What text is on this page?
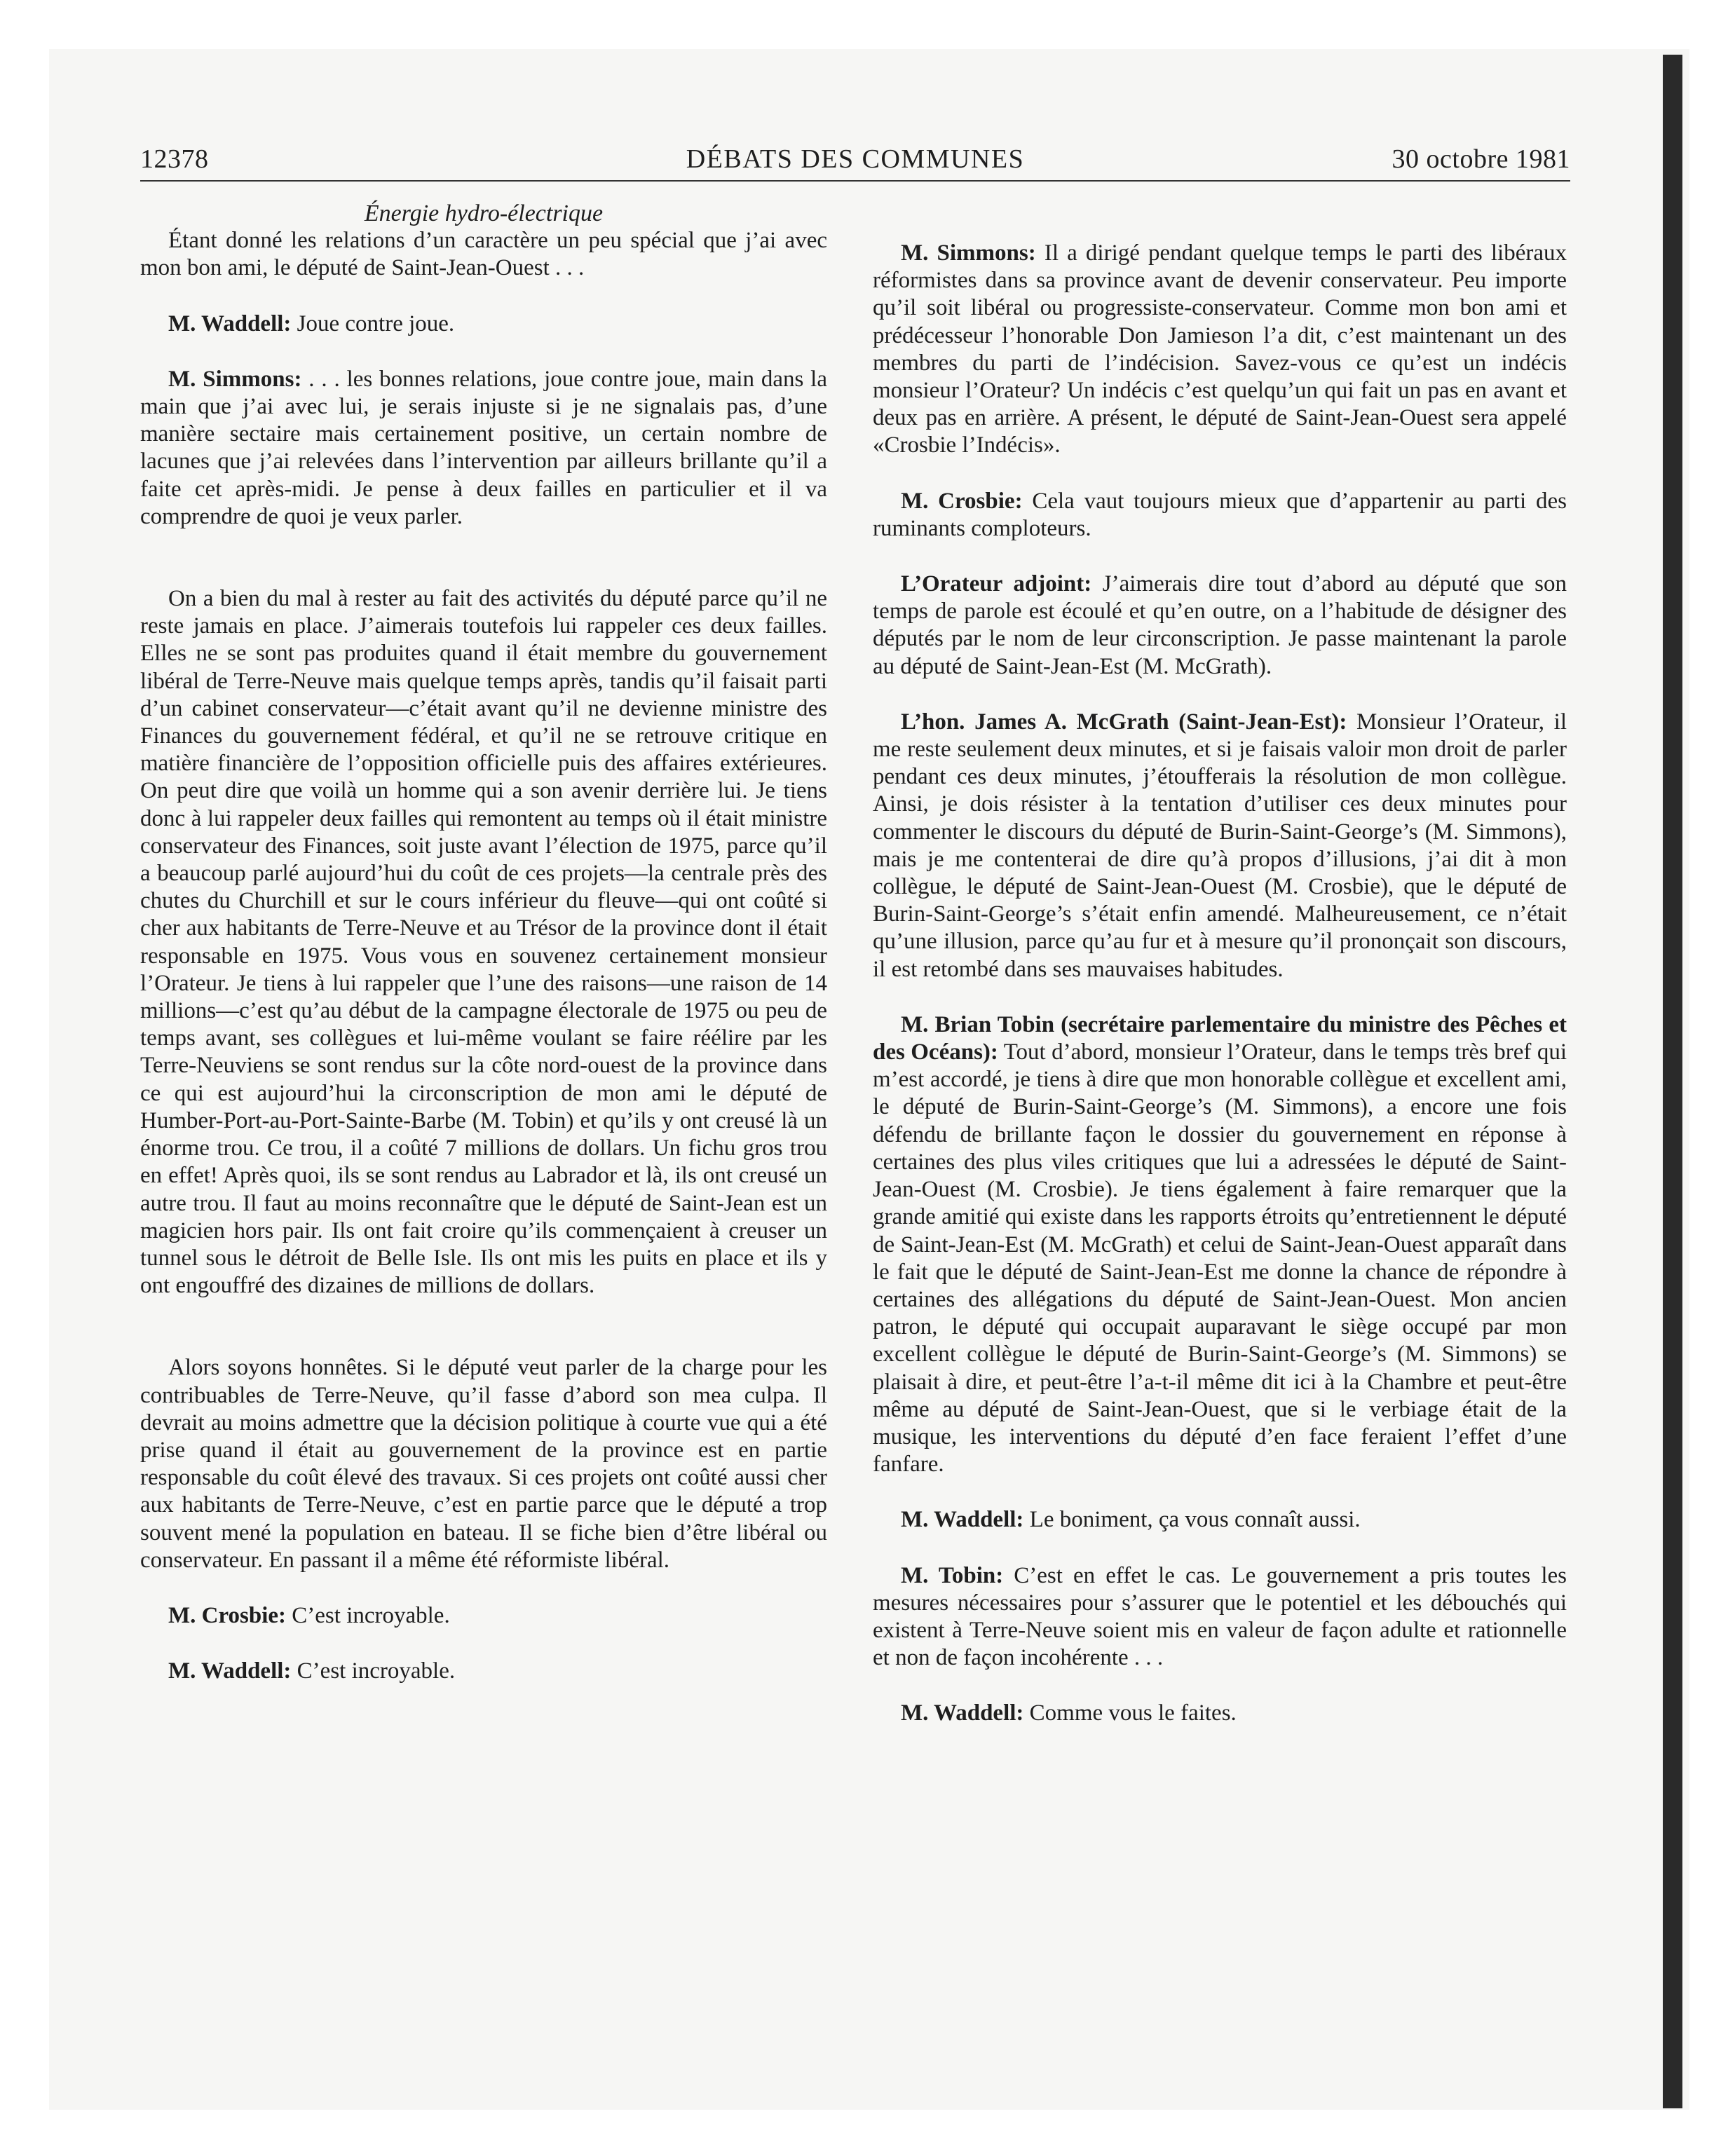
12378	DÉBATS DES COMMUNES	30 octobre 1981

Énergie hydro-électrique

Étant donné les relations d’un caractère un peu spécial que j’ai avec mon bon ami, le député de Saint-Jean-Ouest . . .

M. Waddell: Joue contre joue.

M. Simmons: . . . les bonnes relations, joue contre joue, main dans la main que j’ai avec lui, je serais injuste si je ne signalais pas, d’une manière sectaire mais certainement positive, un certain nombre de lacunes que j’ai relevées dans l’intervention par ailleurs brillante qu’il a faite cet après-midi. Je pense à deux failles en particulier et il va comprendre de quoi je veux parler.

On a bien du mal à rester au fait des activités du député parce qu’il ne reste jamais en place. J’aimerais toutefois lui rappeler ces deux failles. Elles ne se sont pas produites quand il était membre du gouvernement libéral de Terre-Neuve mais quelque temps après, tandis qu’il faisait parti d’un cabinet conservateur—c’était avant qu’il ne devienne ministre des Finances du gouvernement fédéral, et qu’il ne se retrouve critique en matière financière de l’opposition officielle puis des affaires extérieures. On peut dire que voilà un homme qui a son avenir derrière lui. Je tiens donc à lui rappeler deux failles qui remontent au temps où il était ministre conservateur des Finances, soit juste avant l’élection de 1975, parce qu’il a beaucoup parlé aujourd’hui du coût de ces projets—la centrale près des chutes du Churchill et sur le cours inférieur du fleuve—qui ont coûté si cher aux habitants de Terre-Neuve et au Trésor de la province dont il était responsable en 1975. Vous vous en souvenez certainement monsieur l’Orateur. Je tiens à lui rappeler que l’une des raisons—une raison de 14 millions—c’est qu’au début de la campagne électorale de 1975 ou peu de temps avant, ses collègues et lui-même voulant se faire réélire par les Terre-Neuviens se sont rendus sur la côte nord-ouest de la province dans ce qui est aujourd’hui la circonscription de mon ami le député de Humber-Port-au-Port-Sainte-Barbe (M. Tobin) et qu’ils y ont creusé là un énorme trou. Ce trou, il a coûté 7 millions de dollars. Un fichu gros trou en effet! Après quoi, ils se sont rendus au Labrador et là, ils ont creusé un autre trou. Il faut au moins reconnaître que le député de Saint-Jean est un magicien hors pair. Ils ont fait croire qu’ils commençaient à creuser un tunnel sous le détroit de Belle Isle. Ils ont mis les puits en place et ils y ont engouffré des dizaines de millions de dollars.

Alors soyons honnêtes. Si le député veut parler de la charge pour les contribuables de Terre-Neuve, qu’il fasse d’abord son mea culpa. Il devrait au moins admettre que la décision politique à courte vue qui a été prise quand il était au gouvernement de la province est en partie responsable du coût élevé des travaux. Si ces projets ont coûté aussi cher aux habitants de Terre-Neuve, c’est en partie parce que le député a trop souvent mené la population en bateau. Il se fiche bien d’être libéral ou conservateur. En passant il a même été réformiste libéral.

M. Crosbie: C’est incroyable.

M. Waddell: C’est incroyable.

M. Simmons: Il a dirigé pendant quelque temps le parti des libéraux réformistes dans sa province avant de devenir conservateur. Peu importe qu’il soit libéral ou progressiste-conservateur. Comme mon bon ami et prédécesseur l’honorable Don Jamieson l’a dit, c’est maintenant un des membres du parti de l’indécision. Savez-vous ce qu’est un indécis monsieur l’Orateur? Un indécis c’est quelqu’un qui fait un pas en avant et deux pas en arrière. A présent, le député de Saint-Jean-Ouest sera appelé «Crosbie l’Indécis».

M. Crosbie: Cela vaut toujours mieux que d’appartenir au parti des ruminants comploteurs.

L’Orateur adjoint: J’aimerais dire tout d’abord au député que son temps de parole est écoulé et qu’en outre, on a l’habitude de désigner des députés par le nom de leur circonscription. Je passe maintenant la parole au député de Saint-Jean-Est (M. McGrath).

L’hon. James A. McGrath (Saint-Jean-Est): Monsieur l’Orateur, il me reste seulement deux minutes, et si je faisais valoir mon droit de parler pendant ces deux minutes, j’étoufferais la résolution de mon collègue. Ainsi, je dois résister à la tentation d’utiliser ces deux minutes pour commenter le discours du député de Burin-Saint-George’s (M. Simmons), mais je me contenterai de dire qu’à propos d’illusions, j’ai dit à mon collègue, le député de Saint-Jean-Ouest (M. Crosbie), que le député de Burin-Saint-George’s s’était enfin amendé. Malheureusement, ce n’était qu’une illusion, parce qu’au fur et à mesure qu’il prononçait son discours, il est retombé dans ses mauvaises habitudes.

M. Brian Tobin (secrétaire parlementaire du ministre des Pêches et des Océans): Tout d’abord, monsieur l’Orateur, dans le temps très bref qui m’est accordé, je tiens à dire que mon honorable collègue et excellent ami, le député de Burin-Saint-George’s (M. Simmons), a encore une fois défendu de brillante façon le dossier du gouvernement en réponse à certaines des plus viles critiques que lui a adressées le député de Saint-Jean-Ouest (M. Crosbie). Je tiens également à faire remarquer que la grande amitié qui existe dans les rapports étroits qu’entretiennent le député de Saint-Jean-Est (M. McGrath) et celui de Saint-Jean-Ouest apparaît dans le fait que le député de Saint-Jean-Est me donne la chance de répondre à certaines des allégations du député de Saint-Jean-Ouest. Mon ancien patron, le député qui occupait auparavant le siège occupé par mon excellent collègue le député de Burin-Saint-George’s (M. Simmons) se plaisait à dire, et peut-être l’a-t-il même dit ici à la Chambre et peut-être même au député de Saint-Jean-Ouest, que si le verbiage était de la musique, les interventions du député d’en face feraient l’effet d’une fanfare.

M. Waddell: Le boniment, ça vous connaît aussi.

M. Tobin: C’est en effet le cas. Le gouvernement a pris toutes les mesures nécessaires pour s’assurer que le potentiel et les débouchés qui existent à Terre-Neuve soient mis en valeur de façon adulte et rationnelle et non de façon incohérente . . .

M. Waddell: Comme vous le faites.
